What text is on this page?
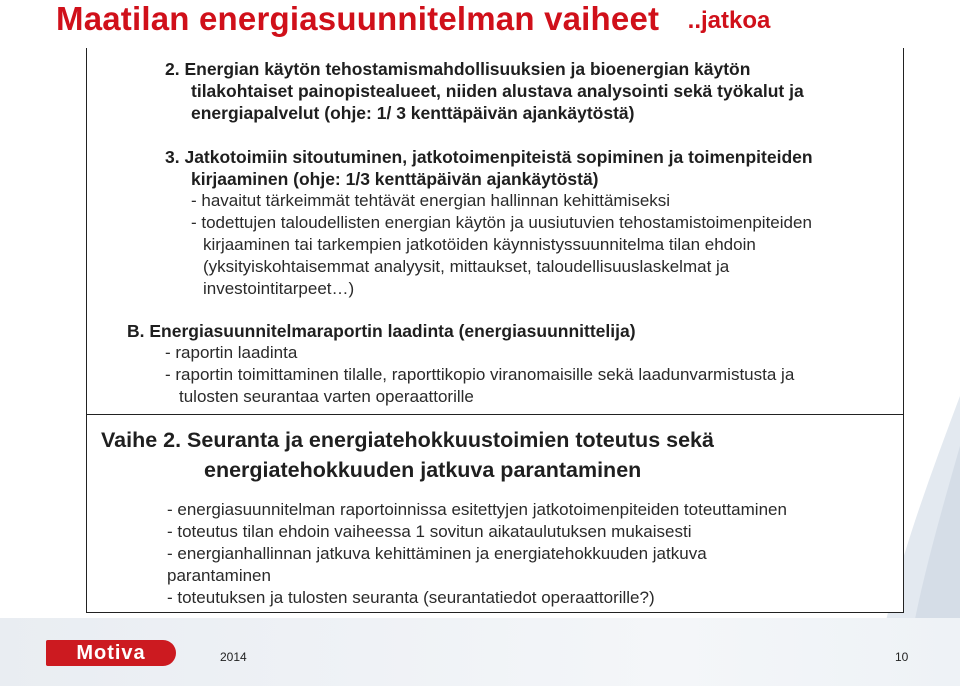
Maatilan energiasuunnitelman vaiheet ..jatkoa
2. Energian käytön tehostamismahdollisuuksien ja bioenergian käytön
tilakohtaiset painopistealueet, niiden alustava analysointi sekä työkalut ja
energiapalvelut (ohje: 1/ 3 kenttäpäivän ajankäytöstä)
3. Jatkotoimiin sitoutuminen, jatkotoimenpiteistä sopiminen ja toimenpiteiden
kirjaaminen (ohje: 1/3 kenttäpäivän ajankäytöstä)
- havaitut tärkeimmät tehtävät energian hallinnan kehittämiseksi
- todettujen taloudellisten energian käytön ja uusiutuvien tehostamistoimenpiteiden
kirjaaminen tai tarkempien jatkotöiden käynnistyssuunnitelma tilan ehdoin
(yksityiskohtaisemmat analyysit, mittaukset, taloudellisuuslaskelmat ja
investointitarpeet…)
B. Energiasuunnitelmaraportin laadinta (energiasuunnittelija)
- raportin laadinta
- raportin toimittaminen tilalle, raporttikopio viranomaisille sekä laadunvarmistusta ja
tulosten seurantaa varten operaattorille
Vaihe 2. Seuranta ja energiatehokkuustoimien toteutus sekä
energiatehokkuuden jatkuva parantaminen
- energiasuunnitelman raportoinnissa esitettyjen jatkotoimenpiteiden toteuttaminen
- toteutus tilan ehdoin vaiheessa 1 sovitun aikataulutuksen mukaisesti
- energianhallinnan jatkuva kehittäminen ja energiatehokkuuden jatkuva
parantaminen
- toteutuksen ja tulosten seuranta (seurantatiedot operaattorille?)
Motiva	2014	10
